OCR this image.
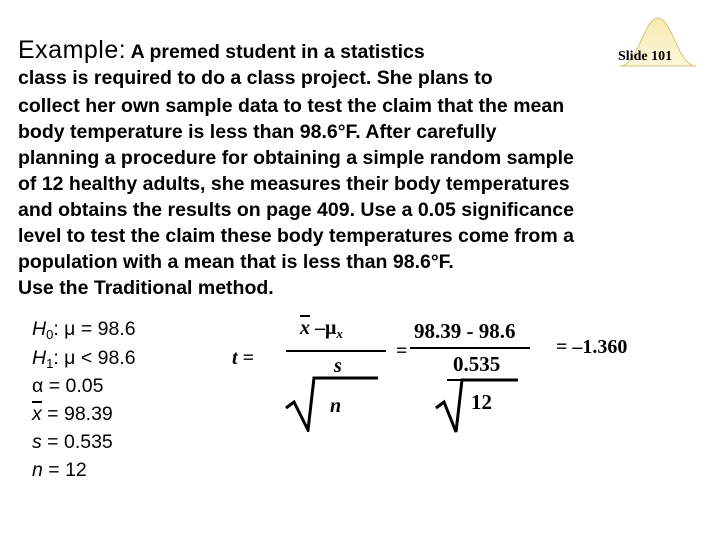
Example: A premed student in a statistics	Slide 101
class is required to do a class project. She plans to
collect her own sample data to test the claim that the mean
body temperature is less than 98.6°F. After carefully
planning a procedure for obtaining a simple random sample
of 12 healthy adults, she measures their body temperatures
and obtains the results on page 409. Use a 0.05 significance
level to test the claim these body temperatures come from a
population with a mean that is less than 98.6°F.
Use the Traditional method.
$H_0$: μ = 98.6
$H_1$: μ < 98.6
α = 0.05
x = 98.39
s = 0.535
n = 12
t =
x $-\mu_x$
s
n
=
98.39 - 98.6
0.535
12
= –1.360
